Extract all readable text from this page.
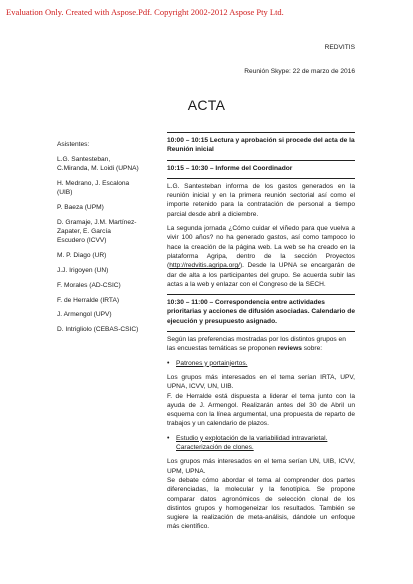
Evaluation Only. Created with Aspose.Pdf. Copyright 2002-2012 Aspose Pty Ltd.
REDVITIS
Reunión Skype: 22 de marzo de 2016
ACTA

Asistentes:

L.G. Santesteban, C.Miranda, M. Loidi (UPNA)

H. Medrano, J. Escalona (UIB)

P. Baeza (UPM)

D. Gramaje, J.M. Martínez-Zapater, E. García Escudero (ICVV)

M. P. Diago (UR)

J.J. Irigoyen (UN)

F. Morales (AD-CSIC)

F. de Herralde (IRTA)

J. Armengol (UPV)

D. Intrigliolo (CEBAS-CSIC)

10:00 – 10:15 Lectura y aprobación si procede del acta de la Reunión inicial

10:15 – 10:30 – Informe del Coordinador

L.G. Santesteban informa de los gastos generados en la reunión inicial y en la primera reunión sectorial así como el importe retenido para la contratación de personal a tiempo parcial desde abril a diciembre.

La segunda jornada ¿Cómo cuidar el viñedo para que vuelva a vivir 100 años? no ha generado gastos, así como tampoco lo hace la creación de la página web. La web se ha creado en la plataforma Agripa, dentro de la sección Proyectos (http://redvitis.agripa.org/). Desde la UPNA se encargarán de dar de alta a los participantes del grupo. Se acuerda subir las actas a la web y enlazar con el Congreso de la SECH.

10:30 – 11:00 – Correspondencia entre actividades prioritarias y acciones de difusión asociadas. Calendario de ejecución y presupuesto asignado.

Según las preferencias mostradas por los distintos grupos en las encuestas temáticas se proponen reviews sobre:

• Patrones y portainjertos.

Los grupos más interesados en el tema serían IRTA, UPV, UPNA, ICVV, UN, UIB.

F. de Herralde está dispuesta a liderar el tema junto con la ayuda de J. Armengol. Realizarán antes del 30 de Abril un esquema con la línea argumental, una propuesta de reparto de trabajos y un calendario de plazos.

• Estudio y explotación de la variabilidad intravarietal. Caracterización de clones.

Los grupos más interesados en el tema serían UN, UIB, ICVV, UPM, UPNA.

Se debate cómo abordar el tema al comprender dos partes diferenciadas, la molecular y la fenotípica. Se propone comparar datos agronómicos de selección clonal de los distintos grupos y homogeneizar los resultados. También se sugiere la realización de meta-análisis, dándole un enfoque más científico.
